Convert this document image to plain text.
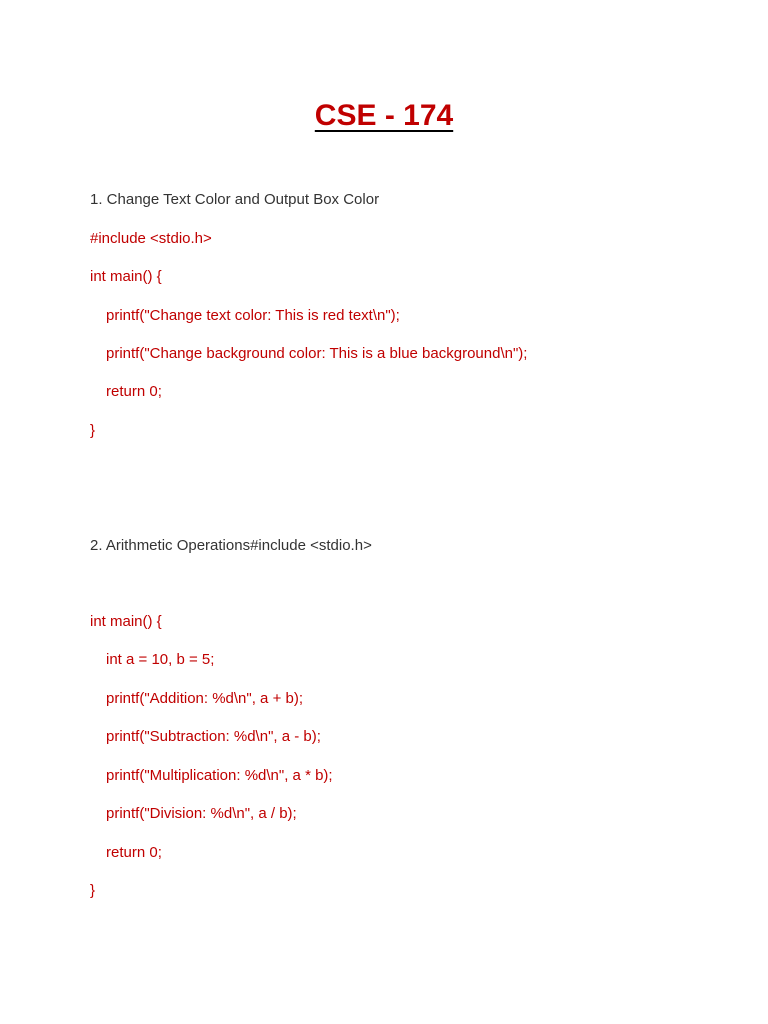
CSE - 174
1. Change Text Color and Output Box Color
#include <stdio.h>
int main() {
printf("Change text color: This is red text\n");
printf("Change background color: This is a blue background\n");
return 0;
}
2. Arithmetic Operations#include <stdio.h>
int main() {
int a = 10, b = 5;
printf("Addition: %d\n", a + b);
printf("Subtraction: %d\n", a - b);
printf("Multiplication: %d\n", a * b);
printf("Division: %d\n", a / b);
return 0;
}
